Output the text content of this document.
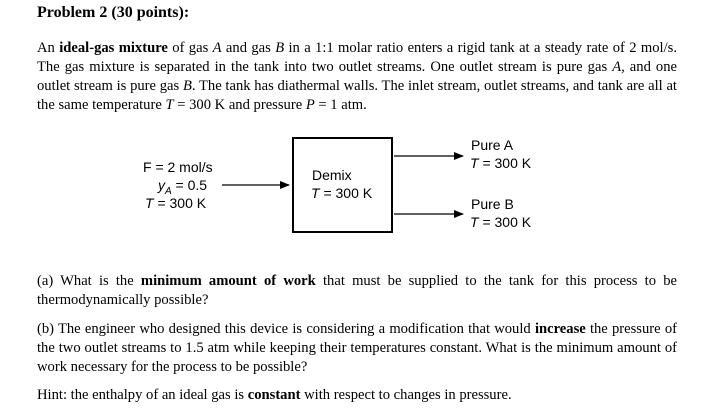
Problem 2 (30 points):
An ideal-gas mixture of gas A and gas B in a 1:1 molar ratio enters a rigid tank at a steady rate of 2 mol/s. The gas mixture is separated in the tank into two outlet streams. One outlet stream is pure gas A, and one outlet stream is pure gas B. The tank has diathermal walls. The inlet stream, outlet streams, and tank are all at the same temperature T = 300 K and pressure P = 1 atm.
F = 2 mol/s
$y_A = 0.5$
T = 300 K
Demix
T = 300 K
Pure A
T = 300 K
Pure B
T = 300 K
(a) What is the minimum amount of work that must be supplied to the tank for this process to be thermodynamically possible?
(b) The engineer who designed this device is considering a modification that would increase the pressure of the two outlet streams to 1.5 atm while keeping their temperatures constant. What is the minimum amount of work necessary for the process to be possible?
Hint: the enthalpy of an ideal gas is constant with respect to changes in pressure.
